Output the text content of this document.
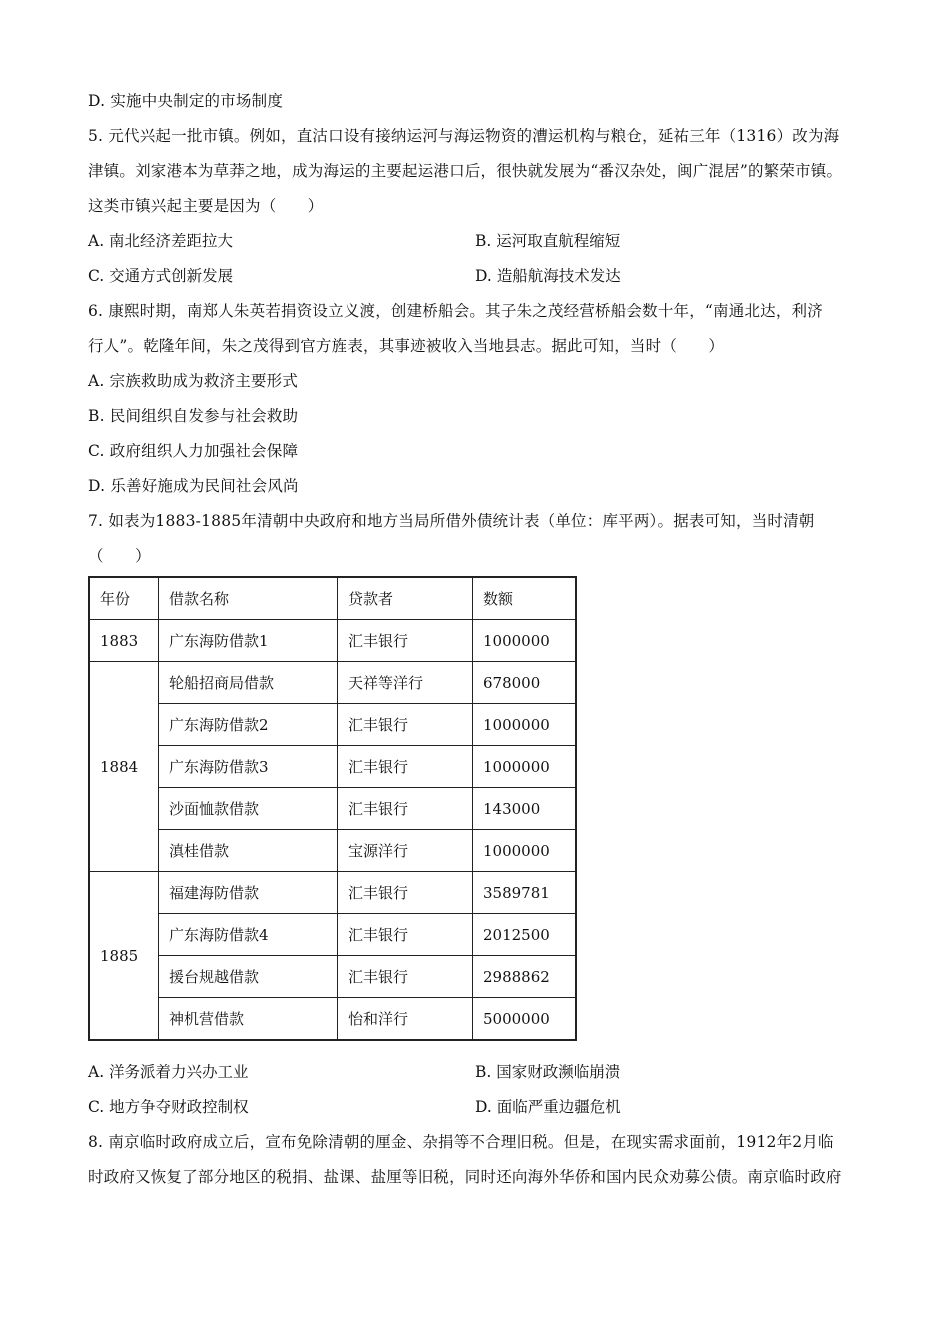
D. 实施中央制定的市场制度
5. 元代兴起一批市镇。例如，直沽口设有接纳运河与海运物资的漕运机构与粮仓，延祐三年（1316）改为海
津镇。刘家港本为草莽之地，成为海运的主要起运港口后，很快就发展为“番汉杂处，闽广混居”的繁荣市镇。
这类市镇兴起主要是因为（　　）
A. 南北经济差距拉大	B. 运河取直航程缩短
C. 交通方式创新发展	D. 造船航海技术发达
6. 康熙时期，南郑人朱英若捐资设立义渡，创建桥船会。其子朱之茂经营桥船会数十年，“南通北达，利济
行人”。乾隆年间，朱之茂得到官方旌表，其事迹被收入当地县志。据此可知，当时（　　）
A. 宗族救助成为救济主要形式
B. 民间组织自发参与社会救助
C. 政府组织人力加强社会保障
D. 乐善好施成为民间社会风尚
7. 如表为1883-1885年清朝中央政府和地方当局所借外债统计表（单位：库平两）。据表可知，当时清朝
（　　）
年份	借款名称	贷款者	数额
1883	广东海防借款1	汇丰银行	1000000
1884	轮船招商局借款	天祥等洋行	678000
	广东海防借款2	汇丰银行	1000000
	广东海防借款3	汇丰银行	1000000
	沙面恤款借款	汇丰银行	143000
	滇桂借款	宝源洋行	1000000
1885	福建海防借款	汇丰银行	3589781
	广东海防借款4	汇丰银行	2012500
	援台规越借款	汇丰银行	2988862
	神机营借款	怡和洋行	5000000
A. 洋务派着力兴办工业	B. 国家财政濒临崩溃
C. 地方争夺财政控制权	D. 面临严重边疆危机
8. 南京临时政府成立后，宣布免除清朝的厘金、杂捐等不合理旧税。但是，在现实需求面前，1912年2月临
时政府又恢复了部分地区的税捐、盐课、盐厘等旧税，同时还向海外华侨和国内民众劝募公债。南京临时政府
